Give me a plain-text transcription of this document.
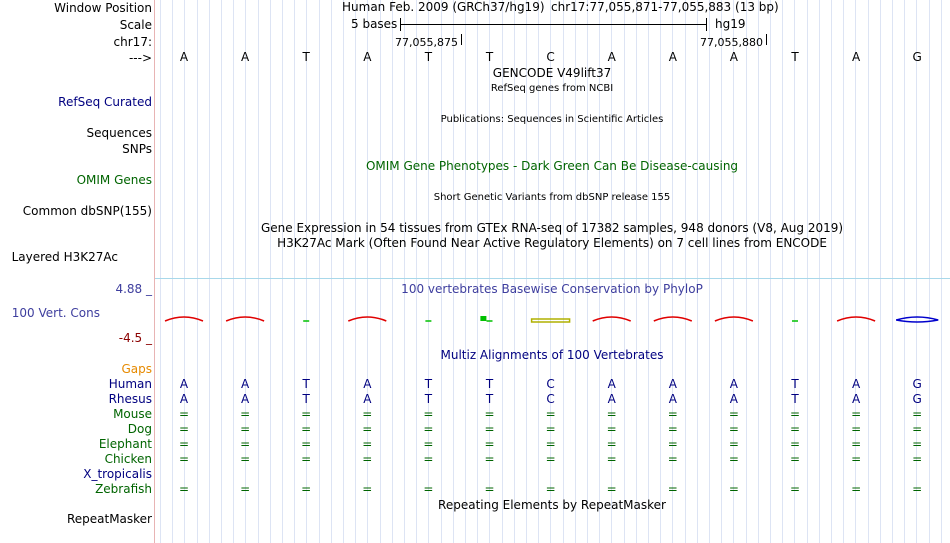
Window Position
Scale
chr17:
--->
Human Feb. 2009 (GRCh37/hg19) chr17:77,055,871-77,055,883 (13 bp)
5 bases	hg19
77,055,875	77,055,880
A	A	T	A	T	T	C	A	A	A	T	A	G
GENCODE V49lift37
RefSeq genes from NCBI
RefSeq Curated
Publications: Sequences in Scientific Articles
Sequences
SNPs
OMIM Gene Phenotypes - Dark Green Can Be Disease-causing
OMIM Genes
Short Genetic Variants from dbSNP release 155
Common dbSNP(155)
Gene Expression in 54 tissues from GTEx RNA-seq of 17382 samples, 948 donors (V8, Aug 2019)
H3K27Ac Mark (Often Found Near Active Regulatory Elements) on 7 cell lines from ENCODE
Layered H3K27Ac
4.88 _	100 vertebrates Basewise Conservation by PhyloP
100 Vert. Cons
-4.5 _
Multiz Alignments of 100 Vertebrates
Gaps
Human A	A	T	A	T	T	C	A	A	A	T	A	G
Rhesus A	A	T	A	T	T	C	A	A	A	T	A	G
Mouse =	=	=	=	=	=	=	=	=	=	=	=	=
Dog =	=	=	=	=	=	=	=	=	=	=	=	=
Elephant =	=	=	=	=	=	=	=	=	=	=	=	=
Chicken =	=	=	=	=	=	=	=	=	=	=	=	=
X_tropicalis
Zebrafish =	=	=	=	=	=	=	=	=	=	=	=	=
Repeating Elements by RepeatMasker
RepeatMasker
